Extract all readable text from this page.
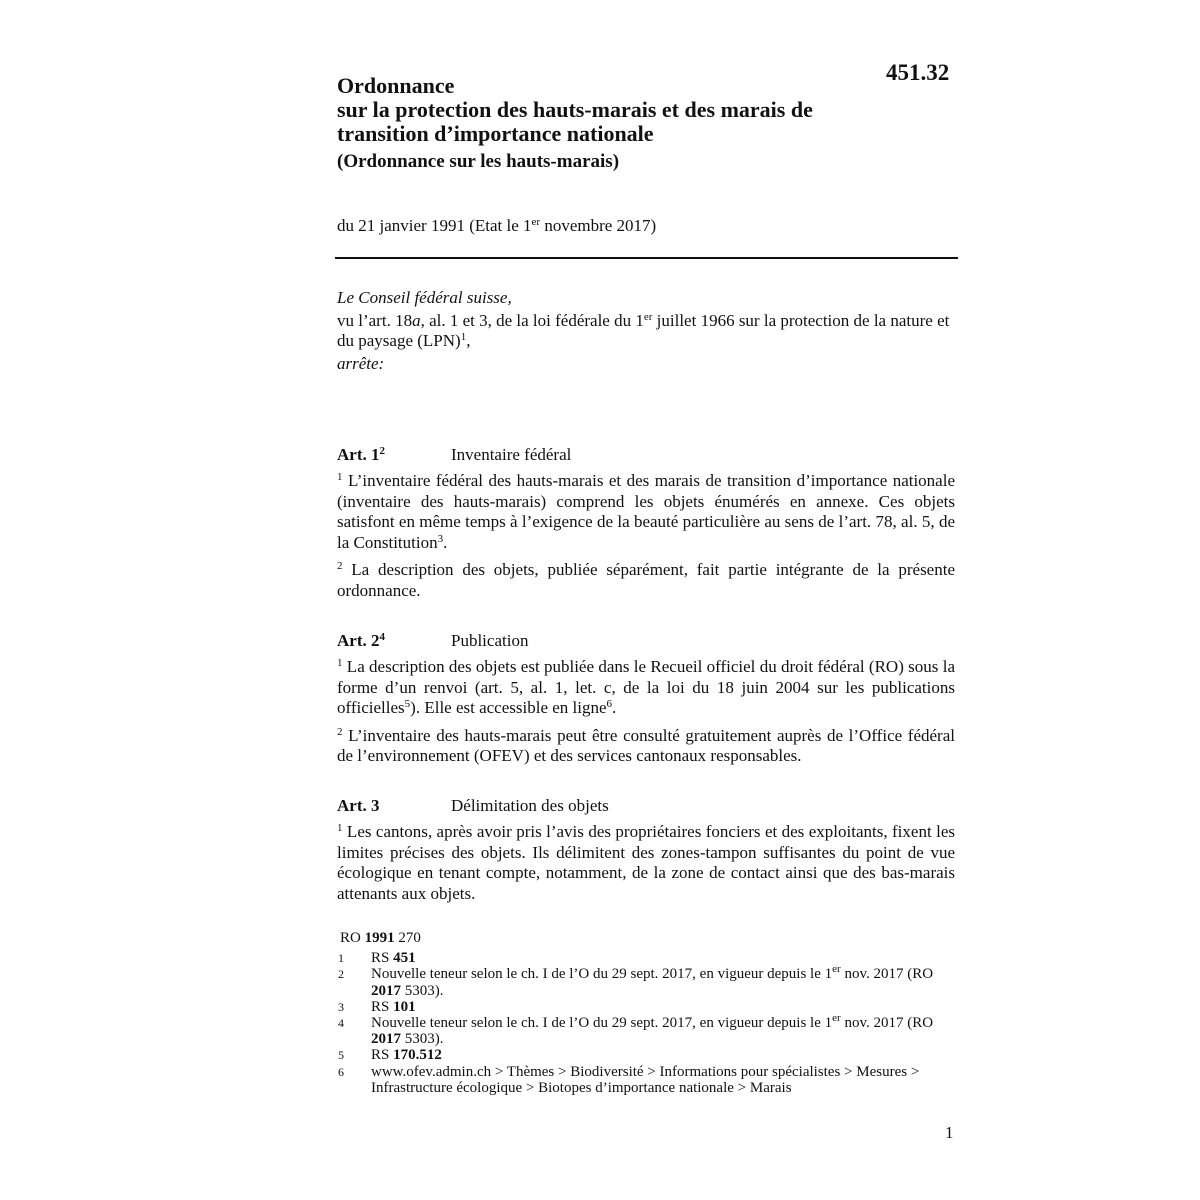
451.32
Ordonnance
sur la protection des hauts-marais et des marais de
transition d’importance nationale
(Ordonnance sur les hauts-marais)
du 21 janvier 1991 (Etat le 1er novembre 2017)

Le Conseil fédéral suisse,

vu l’art. 18a, al. 1 et 3, de la loi fédérale du 1er juillet 1966 sur la protection de la nature et du paysage (LPN)$^1$,

arrête:

Art. $1^2$	Inventaire fédéral

$^1$ L’inventaire fédéral des hauts-marais et des marais de transition d’importance nationale (inventaire des hauts-marais) comprend les objets énumérés en annexe. Ces objets satisfont en même temps à l’exigence de la beauté particulière au sens de l’art. 78, al. 5, de la Constitution$^3$.

$^2$ La description des objets, publiée séparément, fait partie intégrante de la présente ordonnance.

Art. $2^4$	Publication

$^1$ La description des objets est publiée dans le Recueil officiel du droit fédéral (RO) sous la forme d’un renvoi (art. 5, al. 1, let. c, de la loi du 18 juin 2004 sur les publications officielles$^5$). Elle est accessible en ligne$^6$.

$^2$ L’inventaire des hauts-marais peut être consulté gratuitement auprès de l’Office fédéral de l’environnement (OFEV) et des services cantonaux responsables.

Art. 3	Délimitation des objets

$^1$ Les cantons, après avoir pris l’avis des propriétaires fonciers et des exploitants, fixent les limites précises des objets. Ils délimitent des zones-tampon suffisantes du point de vue écologique en tenant compte, notamment, de la zone de contact ainsi que des bas-marais attenants aux objets.

RO 1991 270
1 RS 451
2 Nouvelle teneur selon le ch. I de l’O du 29 sept. 2017, en vigueur depuis le 1er nov. 2017 (RO 2017 5303).
3 RS 101
4 Nouvelle teneur selon le ch. I de l’O du 29 sept. 2017, en vigueur depuis le 1er nov. 2017 (RO 2017 5303).
5 RS 170.512
6 www.ofev.admin.ch > Thèmes > Biodiversité > Informations pour spécialistes > Mesures > Infrastructure écologique > Biotopes d’importance nationale > Marais
1
